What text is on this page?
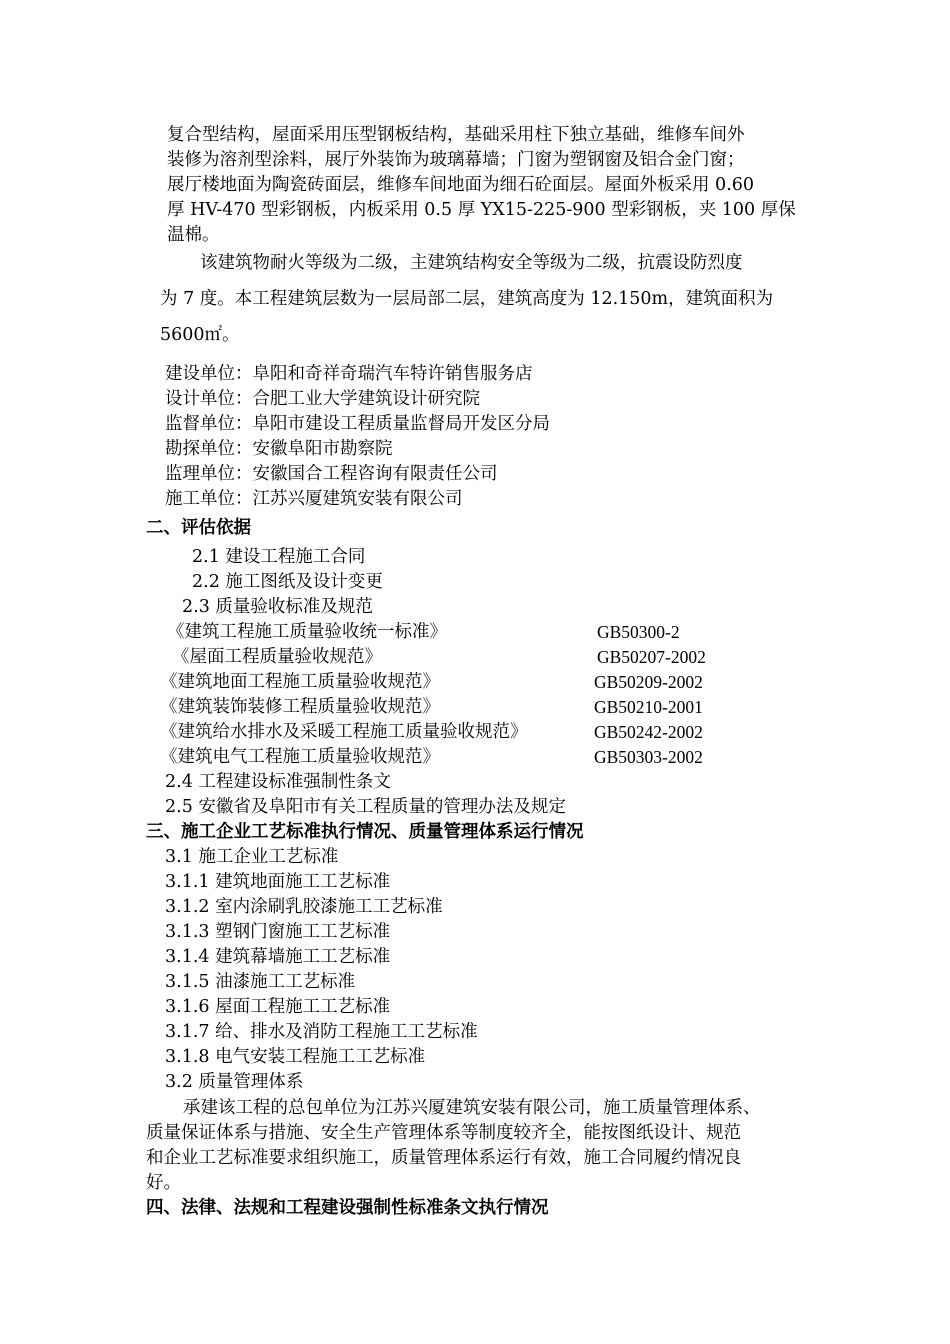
复合型结构，屋面采用压型钢板结构，基础采用柱下独立基础，维修车间外
装修为溶剂型涂料，展厅外装饰为玻璃幕墙；门窗为塑钢窗及铝合金门窗；
展厅楼地面为陶瓷砖面层，维修车间地面为细石砼面层。屋面外板采用 0.60
厚 HV-470 型彩钢板，内板采用 0.5 厚 YX15-225-900 型彩钢板，夹 100 厚保
温棉。
该建筑物耐火等级为二级，主建筑结构安全等级为二级，抗震设防烈度
为 7 度。本工程建筑层数为一层局部二层，建筑高度为 12.150m，建筑面积为
5600㎡。
建设单位：阜阳和奇祥奇瑞汽车特许销售服务店
设计单位：合肥工业大学建筑设计研究院
监督单位：阜阳市建设工程质量监督局开发区分局
勘探单位：安徽阜阳市勘察院
监理单位：安徽国合工程咨询有限责任公司
施工单位：江苏兴厦建筑安装有限公司
二、评估依据
2.1 建设工程施工合同
2.2 施工图纸及设计变更
2.3 质量验收标准及规范
《建筑工程施工质量验收统一标准》	GB50300-2
《屋面工程质量验收规范》	GB50207-2002
《建筑地面工程施工质量验收规范》	GB50209-2002
《建筑装饰装修工程质量验收规范》	GB50210-2001
《建筑给水排水及采暖工程施工质量验收规范》	GB50242-2002
《建筑电气工程施工质量验收规范》	GB50303-2002
2.4 工程建设标准强制性条文
2.5 安徽省及阜阳市有关工程质量的管理办法及规定
三、施工企业工艺标准执行情况、质量管理体系运行情况
3.1 施工企业工艺标准
3.1.1 建筑地面施工工艺标准
3.1.2 室内涂刷乳胶漆施工工艺标准
3.1.3 塑钢门窗施工工艺标准
3.1.4 建筑幕墙施工工艺标准
3.1.5 油漆施工工艺标准
3.1.6 屋面工程施工工艺标准
3.1.7 给、排水及消防工程施工工艺标准
3.1.8 电气安装工程施工工艺标准
3.2 质量管理体系
承建该工程的总包单位为江苏兴厦建筑安装有限公司，施工质量管理体系、
质量保证体系与措施、安全生产管理体系等制度较齐全，能按图纸设计、规范
和企业工艺标准要求组织施工，质量管理体系运行有效，施工合同履约情况良
好。
四、法律、法规和工程建设强制性标准条文执行情况
